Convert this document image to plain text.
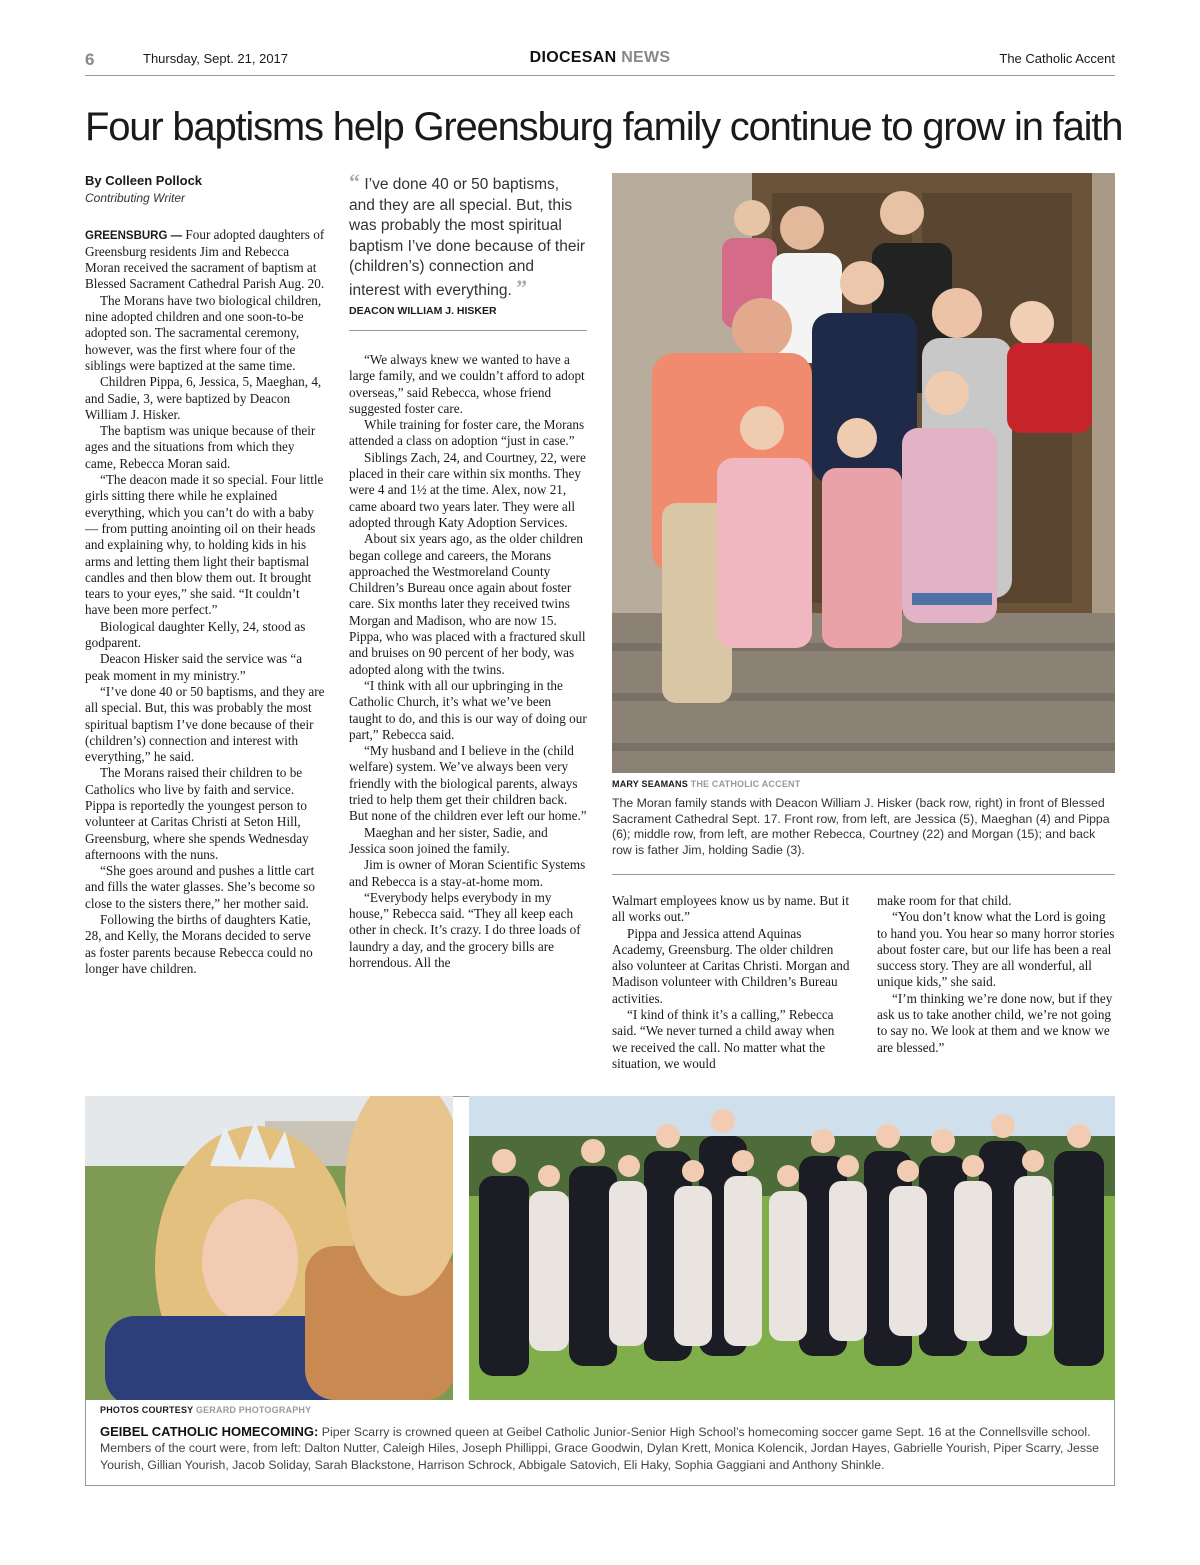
6	Thursday, Sept. 21, 2017	DIOCESAN NEWS	The Catholic Accent
Four baptisms help Greensburg family continue to grow in faith
By Colleen Pollock
Contributing Writer

GREENSBURG — Four adopted daughters of Greensburg residents Jim and Rebecca Moran received the sacrament of baptism at Blessed Sacrament Cathedral Parish Aug. 20.

The Morans have two biological children, nine adopted children and one soon-to-be adopted son. The sacramental ceremony, however, was the first where four of the siblings were baptized at the same time.

Children Pippa, 6, Jessica, 5, Maeghan, 4, and Sadie, 3, were baptized by Deacon William J. Hisker.

The baptism was unique because of their ages and the situations from which they came, Rebecca Moran said.

“The deacon made it so special. Four little girls sitting there while he explained everything, which you can’t do with a baby — from putting anointing oil on their heads and explaining why, to holding kids in his arms and letting them light their baptismal candles and then blow them out. It brought tears to your eyes,” she said. “It couldn’t have been more perfect.”

Biological daughter Kelly, 24, stood as godparent.

Deacon Hisker said the service was “a peak moment in my ministry.”

“I’ve done 40 or 50 baptisms, and they are all special. But, this was probably the most spiritual baptism I’ve done because of their (children’s) connection and interest with everything,” he said.

The Morans raised their children to be Catholics who live by faith and service. Pippa is reportedly the youngest person to volunteer at Caritas Christi at Seton Hill, Greensburg, where she spends Wednesday afternoons with the nuns.

“She goes around and pushes a little cart and fills the water glasses. She’s become so close to the sisters there,” her mother said.

Following the births of daughters Katie, 28, and Kelly, the Morans decided to serve as foster parents because Rebecca could no longer have children.

“ I’ve done 40 or 50 baptisms, and they are all special. But, this was probably the most spiritual baptism I’ve done because of their (children’s) connection and interest with everything. ”
DEACON WILLIAM J. HISKER

“We always knew we wanted to have a large family, and we couldn’t afford to adopt overseas,” said Rebecca, whose friend suggested foster care.

While training for foster care, the Morans attended a class on adoption “just in case.”

Siblings Zach, 24, and Courtney, 22, were placed in their care within six months. They were 4 and 1½ at the time. Alex, now 21, came aboard two years later. They were all adopted through Katy Adoption Services.

About six years ago, as the older children began college and careers, the Morans approached the Westmoreland County Children’s Bureau once again about foster care. Six months later they received twins Morgan and Madison, who are now 15. Pippa, who was placed with a fractured skull and bruises on 90 percent of her body, was adopted along with the twins.

“I think with all our upbringing in the Catholic Church, it’s what we’ve been taught to do, and this is our way of doing our part,” Rebecca said.

“My husband and I believe in the (child welfare) system. We’ve always been very friendly with the biological parents, always tried to help them get their children back. But none of the children ever left our home.”

Maeghan and her sister, Sadie, and Jessica soon joined the family.

Jim is owner of Moran Scientific Systems and Rebecca is a stay-at-home mom.

“Everybody helps everybody in my house,” Rebecca said. “They all keep each other in check. It’s crazy. I do three loads of laundry a day, and the grocery bills are horrendous. All the

MARY SEAMANS THE CATHOLIC ACCENT
The Moran family stands with Deacon William J. Hisker (back row, right) in front of Blessed Sacrament Cathedral Sept. 17. Front row, from left, are Jessica (5), Maeghan (4) and Pippa (6); middle row, from left, are mother Rebecca, Courtney (22) and Morgan (15); and back row is father Jim, holding Sadie (3).

Walmart employees know us by name. But it all works out.”

Pippa and Jessica attend Aquinas Academy, Greensburg. The older children also volunteer at Caritas Christi. Morgan and Madison volunteer with Children’s Bureau activities.

“I kind of think it’s a calling,” Rebecca said. “We never turned a child away when we received the call. No matter what the situation, we would

make room for that child.

“You don’t know what the Lord is going to hand you. You hear so many horror stories about foster care, but our life has been a real success story. They are all wonderful, all unique kids,” she said.

“I’m thinking we’re done now, but if they ask us to take another child, we’re not going to say no. We look at them and we know we are blessed.”

PHOTOS COURTESY GERARD PHOTOGRAPHY
GEIBEL CATHOLIC HOMECOMING: Piper Scarry is crowned queen at Geibel Catholic Junior-Senior High School’s homecoming soccer game Sept. 16 at the Connellsville school. Members of the court were, from left: Dalton Nutter, Caleigh Hiles, Joseph Phillippi, Grace Goodwin, Dylan Krett, Monica Kolencik, Jordan Hayes, Gabrielle Yourish, Piper Scarry, Jesse Yourish, Gillian Yourish, Jacob Soliday, Sarah Blackstone, Harrison Schrock, Abbigale Satovich, Eli Haky, Sophia Gaggiani and Anthony Shinkle.
